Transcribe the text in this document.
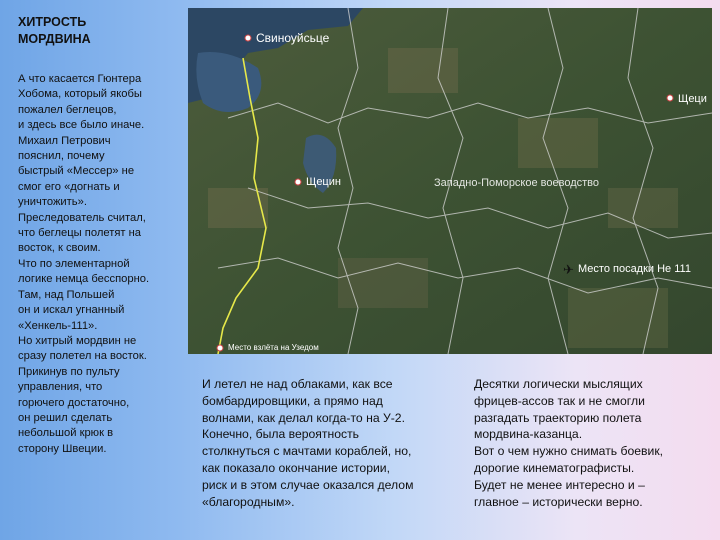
ХИТРОСТЬ
МОРДВИНА
А что касается Гюнтера
Хобома, который якобы
пожалел беглецов,
и здесь все было иначе.
Михаил Петрович
пояснил, почему
быстрый «Мессер» не
смог его «догнать и
уничтожить».
Преследователь считал,
что беглецы полетят на
восток, к своим.
Что по элементарной
логике немца бесспорно.
Там, над Польшей
он и искал угнанный
«Хенкель-111».
Но хитрый мордвин не
сразу полетел на восток.
Прикинув по пульту
управления, что
горючего достаточно,
он решил сделать
небольшой крюк в
сторону Швеции.
✈
Свиноуйсьце
Щецин
Щеци
Западно-Поморское воеводство
Место посадки Не 111
Место взлёта на Узедом
И летел не над облаками, как все
бомбардировщики, а прямо над
волнами, как делал когда-то на У-2.
Конечно, была вероятность
столкнуться с мачтами кораблей, но,
как показало окончание истории,
риск и в этом случае оказался делом
«благородным».
Десятки логически мыслящих
фрицев-ассов так и не смогли
разгадать траекторию полета
мордвина-казанца.
Вот о чем нужно снимать боевик,
дорогие кинематографисты.
Будет не менее интересно и –
главное – исторически верно.
